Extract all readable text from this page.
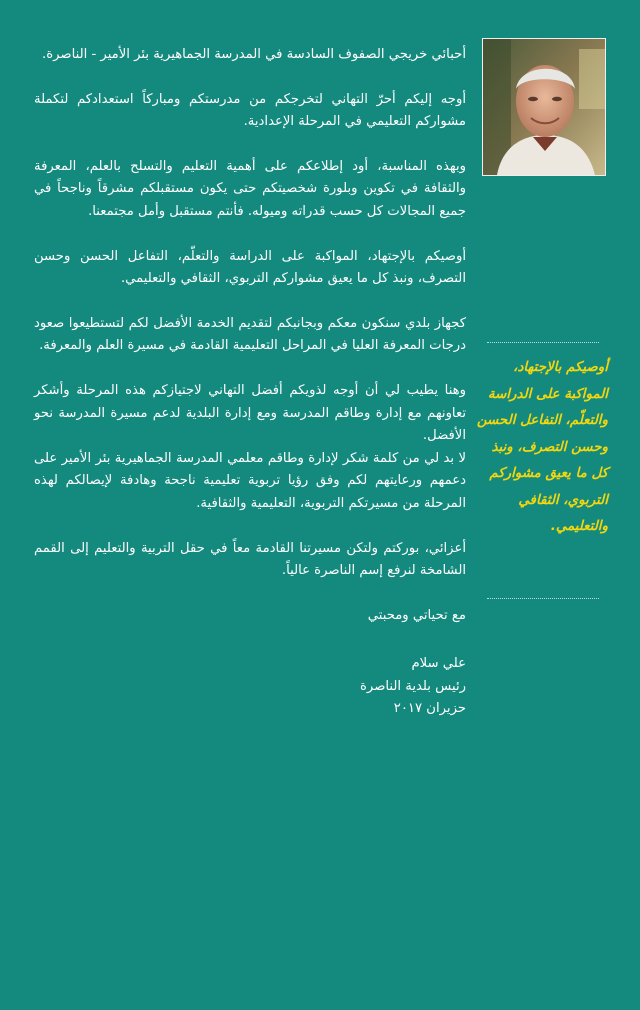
أحبائي خريجي الصفوف السادسة في المدرسة الجماهيرية بئر الأمير - الناصرة.

أوجه إليكم أحرّ التهاني لتخرجكم من مدرستكم ومباركاً استعدادكم لتكملة مشواركم التعليمي في المرحلة الإعدادية.

وبهذه المناسبة، أود إطلاعكم على أهمية التعليم والتسلح بالعلم، المعرفة والثقافة في تكوين وبلورة شخصيتكم حتى يكون مستقبلكم مشرقاً وناجحاً في جميع المجالات كل حسب قدراته وميوله. فأنتم مستقبل وأمل مجتمعنا.

أوصيكم بالإجتهاد، المواكبة على الدراسة والتعلّم، التفاعل الحسن وحسن التصرف، ونبذ كل ما يعيق مشواركم التربوي، الثقافي والتعليمي.

كجهاز بلدي سنكون معكم وبجانبكم لتقديم الخدمة الأفضل لكم لتستطيعوا صعود درجات المعرفة العليا في المراحل التعليمية القادمة في مسيرة العلم والمعرفة.

وهنا يطيب لي أن أوجه لذويكم أفضل التهاني لاجتيازكم هذه المرحلة وأشكر تعاونهم مع إدارة وطاقم المدرسة ومع إدارة البلدية لدعم مسيرة المدرسة نحو الأفضل.

لا بد لي من كلمة شكر لإدارة وطاقم معلمي المدرسة الجماهيرية بئر الأمير على دعمهم ورعايتهم لكم وفق رؤيا تربوية تعليمية ناجحة وهادفة لإيصالكم لهذه المرحلة من مسيرتكم التربوية، التعليمية والثقافية.

أعزائي، بوركتم ولتكن مسيرتنا القادمة معاً في حقل التربية والتعليم إلى القمم الشامخة لنرفع إسم الناصرة عالياً.

مع تحياتي ومحبتي

علي سلام
رئيس بلدية الناصرة
حزيران ٢٠١٧
أوصيكم بالإجتهاد، المواكبة على الدراسة والتعلّم، التفاعل الحسن وحسن التصرف، ونبذ كل ما يعيق مشواركم التربوي، الثقافي والتعليمي.
